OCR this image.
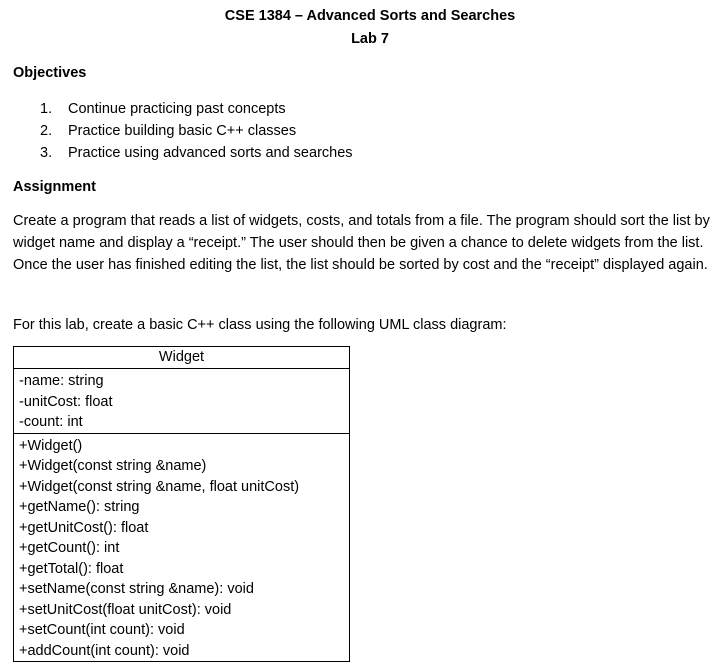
CSE 1384 – Advanced Sorts and Searches
Lab 7
Objectives
1. Continue practicing past concepts
2. Practice building basic C++ classes
3. Practice using advanced sorts and searches
Assignment

Create a program that reads a list of widgets, costs, and totals from a file. The program should sort the list by widget name and display a “receipt.” The user should then be given a chance to delete widgets from the list. Once the user has finished editing the list, the list should be sorted by cost and the “receipt” displayed again.

For this lab, create a basic C++ class using the following UML class diagram:

Widget
-name: string
-unitCost: float
-count: int
+Widget()
+Widget(const string &name)
+Widget(const string &name, float unitCost)
+getName(): string
+getUnitCost(): float
+getCount(): int
+getTotal(): float
+setName(const string &name): void
+setUnitCost(float unitCost): void
+setCount(int count): void
+addCount(int count): void
